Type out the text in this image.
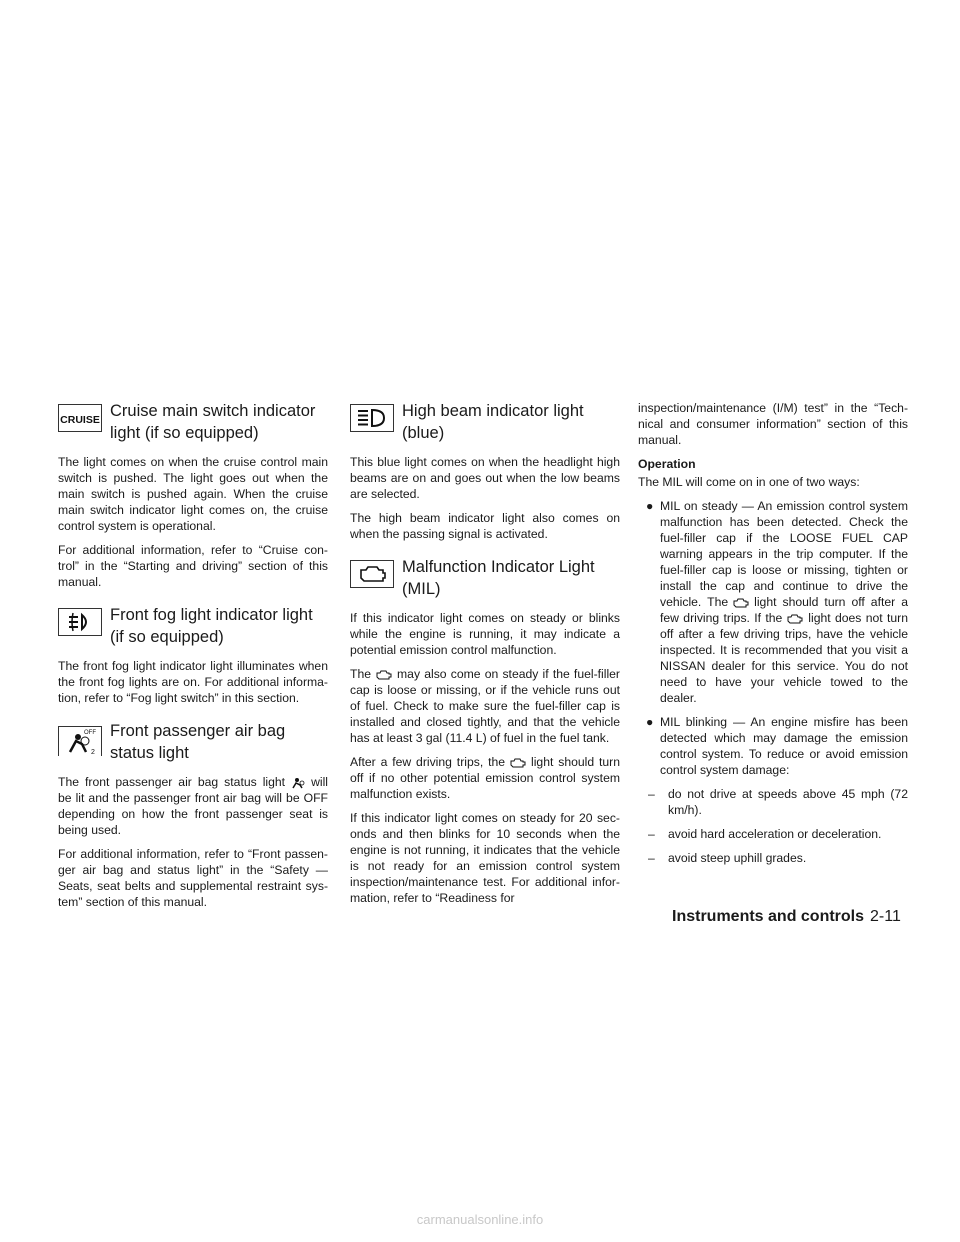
CRUISE Cruise main switch indicator light (if so equipped)

The light comes on when the cruise control main switch is pushed. The light goes out when the main switch is pushed again. When the cruise main switch indicator light comes on, the cruise control system is operational.

For additional information, refer to “Cruise con-trol” in the “Starting and driving” section of this manual.

Front fog light indicator light (if so equipped)

The front fog light indicator light illuminates when the front fog lights are on. For additional informa-tion, refer to “Fog light switch” in this section.

OFF
2
Front passenger air bag status light

The front passenger air bag status light will be lit and the passenger front air bag will be OFF depending on how the front passenger seat is being used.

For additional information, refer to “Front passen-ger air bag and status light” in the “Safety — Seats, seat belts and supplemental restraint sys-tem” section of this manual.

High beam indicator light (blue)

This blue light comes on when the headlight high beams are on and goes out when the low beams are selected.

The high beam indicator light also comes on when the passing signal is activated.

Malfunction Indicator Light (MIL)

If this indicator light comes on steady or blinks while the engine is running, it may indicate a potential emission control malfunction.

The may also come on steady if the fuel-filler cap is loose or missing, or if the vehicle runs out of fuel. Check to make sure the fuel-filler cap is installed and closed tightly, and that the vehicle has at least 3 gal (11.4 L) of fuel in the fuel tank.

After a few driving trips, the light should turn off if no other potential emission control system malfunction exists.

If this indicator light comes on steady for 20 sec-onds and then blinks for 10 seconds when the engine is not running, it indicates that the vehicle is not ready for an emission control system inspection/maintenance test. For additional infor-mation, refer to “Readiness for

inspection/maintenance (I/M) test” in the “Tech-nical and consumer information” section of this manual.

Operation

The MIL will come on in one of two ways:

● MIL on steady — An emission control system malfunction has been detected. Check the fuel-filler cap if the LOOSE FUEL CAP warning appears in the trip computer. If the fuel-filler cap is loose or missing, tighten or install the cap and continue to drive the vehicle. The light should turn off after a few driving trips. If the light does not turn off after a few driving trips, have the vehicle inspected. It is recommended that you visit a NISSAN dealer for this service. You do not need to have your vehicle towed to the dealer.
● MIL blinking — An engine misfire has been detected which may damage the emission control system. To reduce or avoid emission control system damage:
– do not drive at speeds above 45 mph (72 km/h).
– avoid hard acceleration or deceleration.
– avoid steep uphill grades.
Instruments and controls 2-11
carmanualsonline.info
